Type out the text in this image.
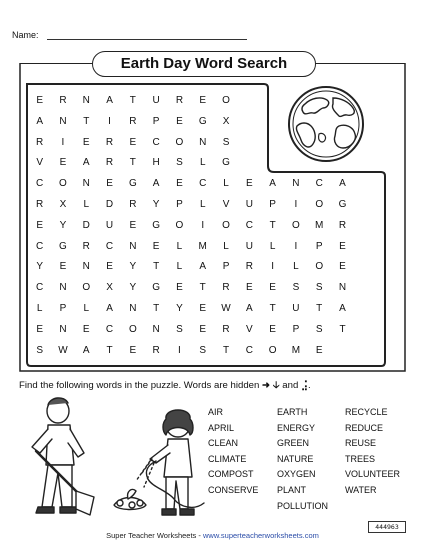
Name:
Earth Day Word Search
E	R	N	A	T	U	R	E	O
A	N	T	I	R	P	E	G	X
R	I	E	R	E	C	O	N	S
V	E	A	R	T	H	S	L	G
C	O	N	E	G	A	E	C	L	E	A	N	C	A
R	X	L	D	R	Y	P	L	V	U	P	I	O	G
E	Y	D	U	E	G	O	I	O	C	T	O	M	R
C	G	R	C	N	E	L	M	L	U	L	I	P	E
Y	E	N	E	Y	T	L	A	P	R	I	L	O	E
C	N	O	X	Y	G	E	T	R	E	E	S	S	N
L	P	L	A	N	T	Y	E	W	A	T	U	T	A
E	N	E	C	O	N	S	E	R	V	E	P	S	T
S	W	A	T	E	R	I	S	T	C	O	M	E
Find the following words in the puzzle. Words are hidden ➜ 🡣 and ⣨.
AIR
APRIL
CLEAN
CLIMATE
COMPOST
CONSERVE
EARTH
ENERGY
GREEN
NATURE
OXYGEN
PLANT
POLLUTION
RECYCLE
REDUCE
REUSE
TREES
VOLUNTEER
WATER
Super Teacher Worksheets - www.superteacherworksheets.com
444963
